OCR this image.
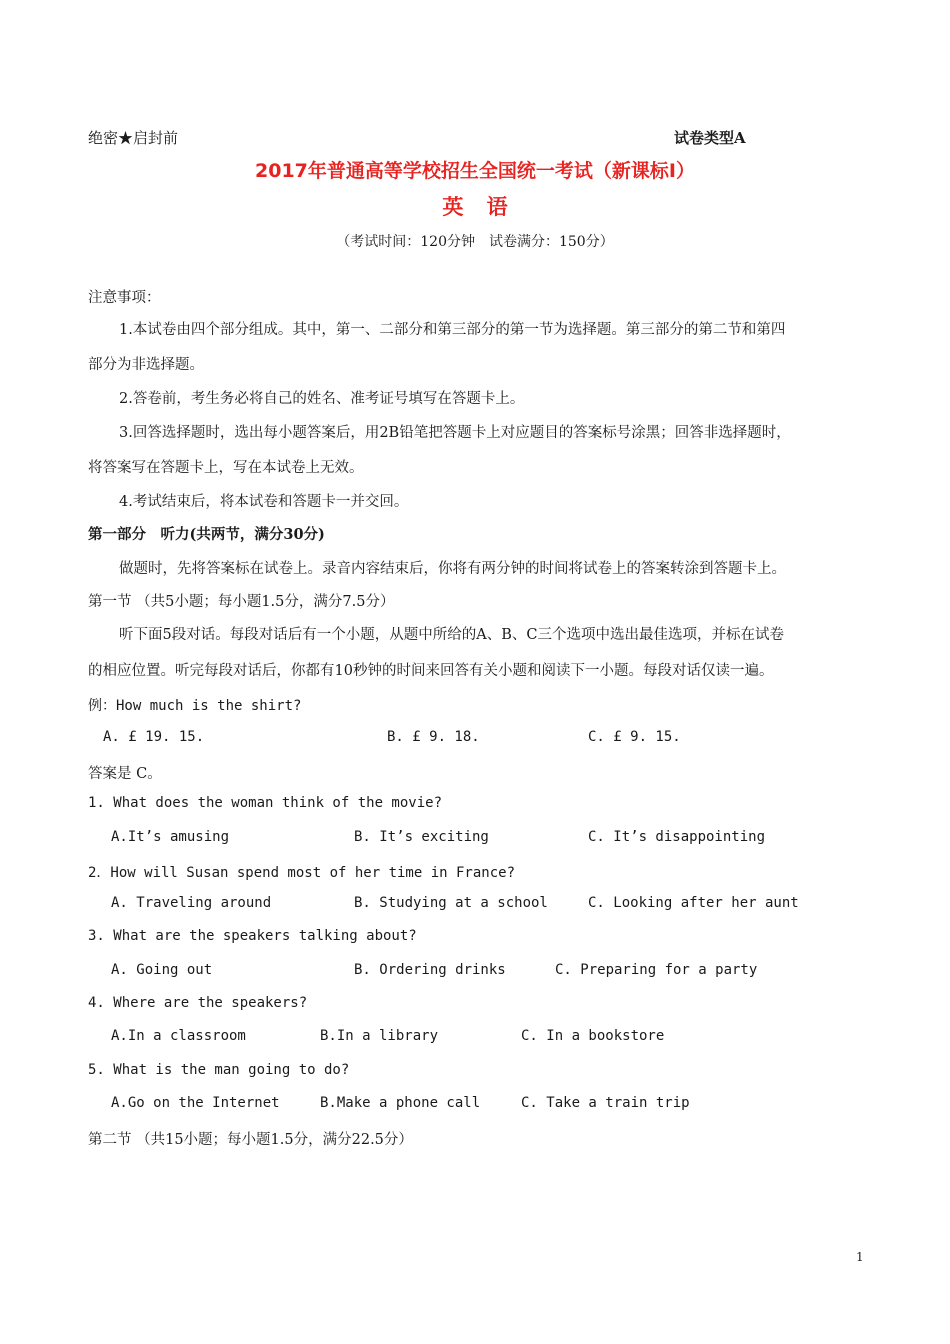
绝密★启封前	试卷类型A
2017年普通高等学校招生全国统一考试（新课标Ⅰ）
英 语
（考试时间：120分钟　试卷满分：150分）
注意事项：
1.本试卷由四个部分组成。其中，第一、二部分和第三部分的第一节为选择题。第三部分的第二节和第四
部分为非选择题。
2.答卷前，考生务必将自己的姓名、准考证号填写在答题卡上。
3.回答选择题时，选出每小题答案后，用2B铅笔把答题卡上对应题目的答案标号涂黑；回答非选择题时，
将答案写在答题卡上，写在本试卷上无效。
4.考试结束后，将本试卷和答题卡一并交回。
第一部分　听力(共两节，满分30分)
做题时，先将答案标在试卷上。录音内容结束后，你将有两分钟的时间将试卷上的答案转涂到答题卡上。
第一节 （共5小题；每小题1.5分，满分7.5分）
听下面5段对话。每段对话后有一个小题，从题中所给的A、B、C三个选项中选出最佳选项，并标在试卷
的相应位置。听完每段对话后，你都有10秒钟的时间来回答有关小题和阅读下一小题。每段对话仅读一遍。
例：How much is the shirt?
A. £ 19. 15.	B. £ 9. 18.	C. £ 9. 15.
答案是 C。
1. What does the woman think of the movie?
A.It’s amusing	B. It’s exciting	C. It’s disappointing
2．How will Susan spend most of her time in France?
A. Traveling around	B. Studying at a school	C. Looking after her aunt
3. What are the speakers talking about?
A. Going out	B. Ordering drinks	C. Preparing for a party
4. Where are the speakers?
A.In a classroom	B.In a library	C. In a bookstore
5. What is the man going to do?
A.Go on the Internet	B.Make a phone call	C. Take a train trip
第二节 （共15小题；每小题1.5分，满分22.5分）
1
